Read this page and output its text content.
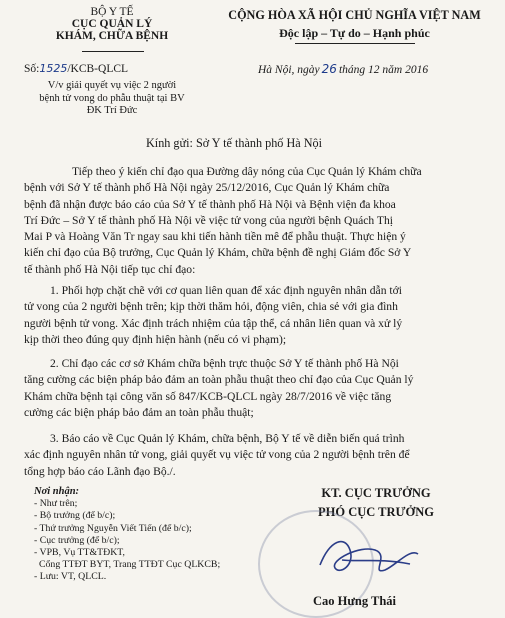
BỘ Y TẾ
CỤC QUẢN LÝ
KHÁM, CHỮA BỆNH
Số:1525/KCB-QLCL
V/v giải quyết vụ việc 2 người
bệnh tử vong do phẫu thuật tại BV
ĐK Trí Đức
CỘNG HÒA XÃ HỘI CHỦ NGHĨA VIỆT NAM
Độc lập – Tự do – Hạnh phúc
Hà Nội, ngày 26 tháng 12 năm 2016
Kính gửi: Sở Y tế thành phố Hà Nội
Tiếp theo ý kiến chỉ đạo qua Đường dây nóng của Cục Quản lý Khám chữa
bệnh với Sở Y tế thành phố Hà Nội ngày 25/12/2016, Cục Quản lý Khám chữa
bệnh đã nhận được báo cáo của Sở Y tế thành phố Hà Nội và Bệnh viện đa khoa
Trí Đức – Sở Y tế thành phố Hà Nội về việc tử vong của người bệnh Quách Thị
Mai P và Hoàng Văn Tr ngay sau khi tiến hành tiền mê để phẫu thuật. Thực hiện ý
kiến chỉ đạo của Bộ trưởng, Cục Quản lý Khám, chữa bệnh đề nghị Giám đốc Sở Y
tế thành phố Hà Nội tiếp tục chỉ đạo:
1. Phối hợp chặt chẽ với cơ quan liên quan để xác định nguyên nhân dẫn tới
tử vong của 2 người bệnh trên; kịp thời thăm hỏi, động viên, chia sẻ với gia đình
người bệnh tử vong. Xác định trách nhiệm của tập thể, cá nhân liên quan và xử lý
kịp thời theo đúng quy định hiện hành (nếu có vi phạm);
2. Chỉ đạo các cơ sở Khám chữa bệnh trực thuộc Sở Y tế thành phố Hà Nội
tăng cường các biện pháp bảo đảm an toàn phẫu thuật theo chỉ đạo của Cục Quản lý
Khám chữa bệnh tại công văn số 847/KCB-QLCL ngày 28/7/2016 về việc tăng
cường các biện pháp bảo đảm an toàn phẫu thuật;
3. Báo cáo về Cục Quản lý Khám, chữa bệnh, Bộ Y tế về diễn biến quá trình
xác định nguyên nhân tử vong, giải quyết vụ việc tử vong của 2 người bệnh trên để
tổng hợp báo cáo Lãnh đạo Bộ./.
Nơi nhận:
- Như trên;
- Bộ trưởng (để b/c);
- Thứ trưởng Nguyễn Viết Tiến (để b/c);
- Cục trưởng (để b/c);
- VPB, Vụ TT&TĐKT,
Cổng TTĐT BYT, Trang TTĐT Cục QLKCB;
- Lưu: VT, QLCL.
KT. CỤC TRƯỞNG
PHÓ CỤC TRƯỞNG
Cao Hưng Thái
